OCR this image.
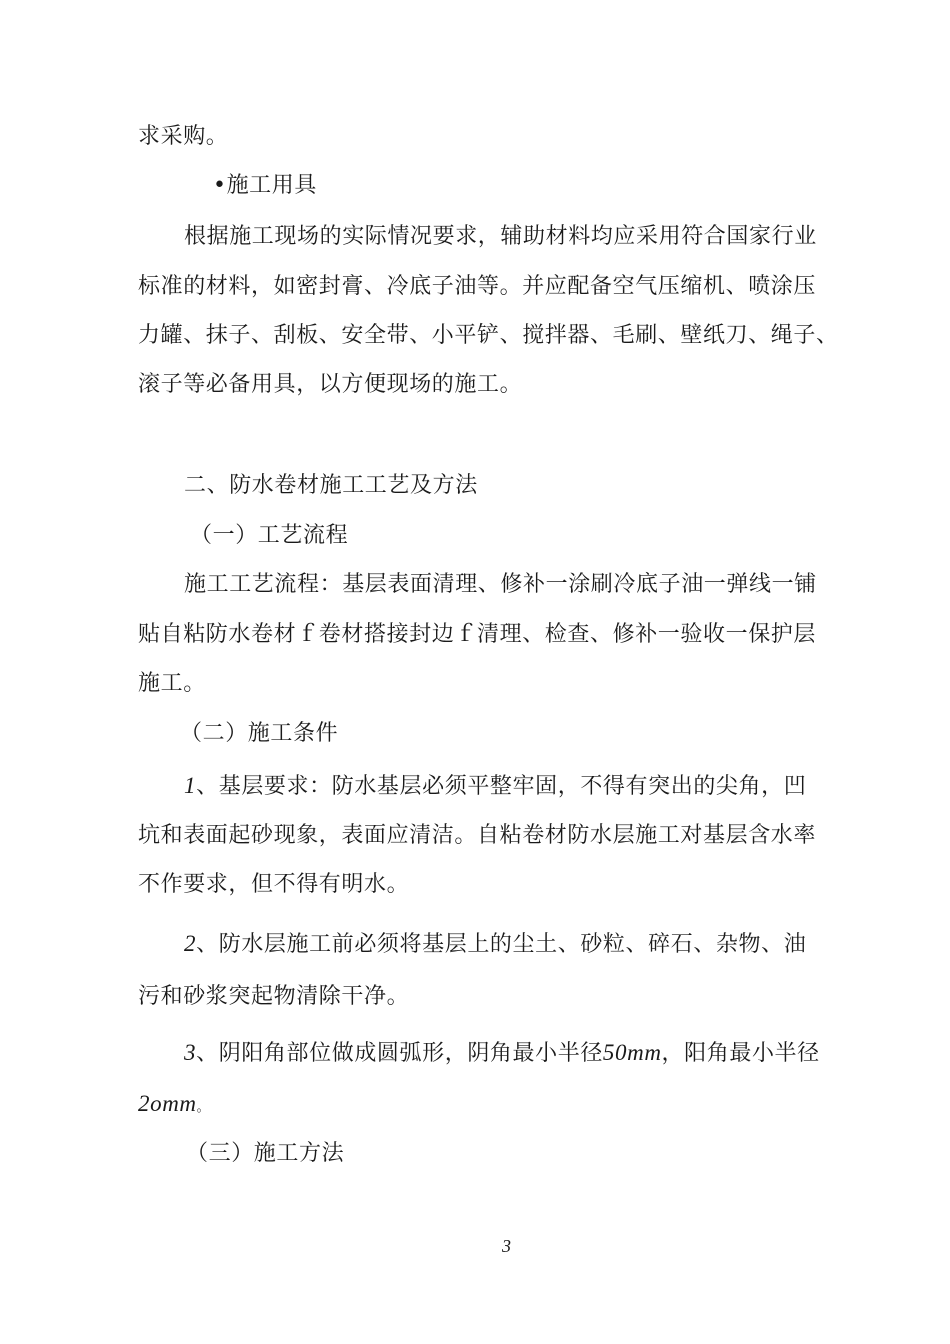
求采购。
•施工用具
根据施工现场的实际情况要求，辅助材料均应采用符合国家行业
标准的材料，如密封膏、冷底子油等。并应配备空气压缩机、喷涂压
力罐、抹子、刮板、安全带、小平铲、搅拌器、毛刷、壁纸刀、绳子、
滚子等必备用具，以方便现场的施工。
二、防水卷材施工工艺及方法
（一）工艺流程
施工工艺流程：基层表面清理、修补一涂刷冷底子油一弹线一铺
贴自粘防水卷材ｆ卷材搭接封边ｆ清理、检查、修补一验收一保护层
施工。
（二）施工条件
1、基层要求：防水基层必须平整牢固，不得有突出的尖角，凹
坑和表面起砂现象，表面应清洁。自粘卷材防水层施工对基层含水率
不作要求，但不得有明水。
2、防水层施工前必须将基层上的尘土、砂粒、碎石、杂物、油
污和砂浆突起物清除干净。
3、阴阳角部位做成圆弧形，阴角最小半径50mm，阳角最小半径
2omm。
（三）施工方法
3
